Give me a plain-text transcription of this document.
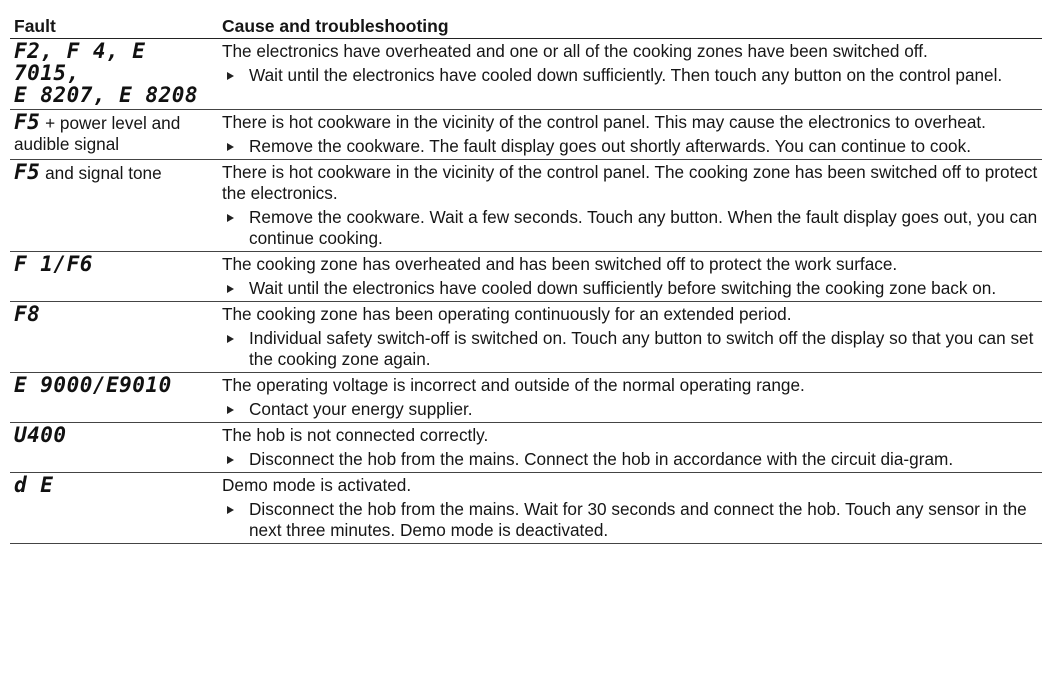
Fault	Cause and troubleshooting
F2, F 4, E 7015,
E 8207, E 8208	The electronics have overheated and one or all of the cooking zones have been switched off.
Wait until the electronics have cooled down sufficiently. Then touch any button on the control panel.

F5 + power level and audible signal	There is hot cookware in the vicinity of the control panel. This may cause the electronics to overheat.
Remove the cookware. The fault display goes out shortly afterwards. You can continue to cook.

F5 and signal tone	There is hot cookware in the vicinity of the control panel. The cooking zone has been switched off to protect the electronics.
Remove the cookware. Wait a few seconds. Touch any button. When the fault display goes out, you can continue cooking.

F 1/F6	The cooking zone has overheated and has been switched off to protect the work surface.
Wait until the electronics have cooled down sufficiently before switching the cooking zone back on.

F8	The cooking zone has been operating continuously for an extended period.
Individual safety switch-off is switched on. Touch any button to switch off the display so that you can set the cooking zone again.

E 9000/E9010	The operating voltage is incorrect and outside of the normal operating range.
Contact your energy supplier.

U400	The hob is not connected correctly.
Disconnect the hob from the mains. Connect the hob in accordance with the circuit dia-gram.

d E	Demo mode is activated.
Disconnect the hob from the mains. Wait for 30 seconds and connect the hob. Touch any sensor in the next three minutes. Demo mode is deactivated.
